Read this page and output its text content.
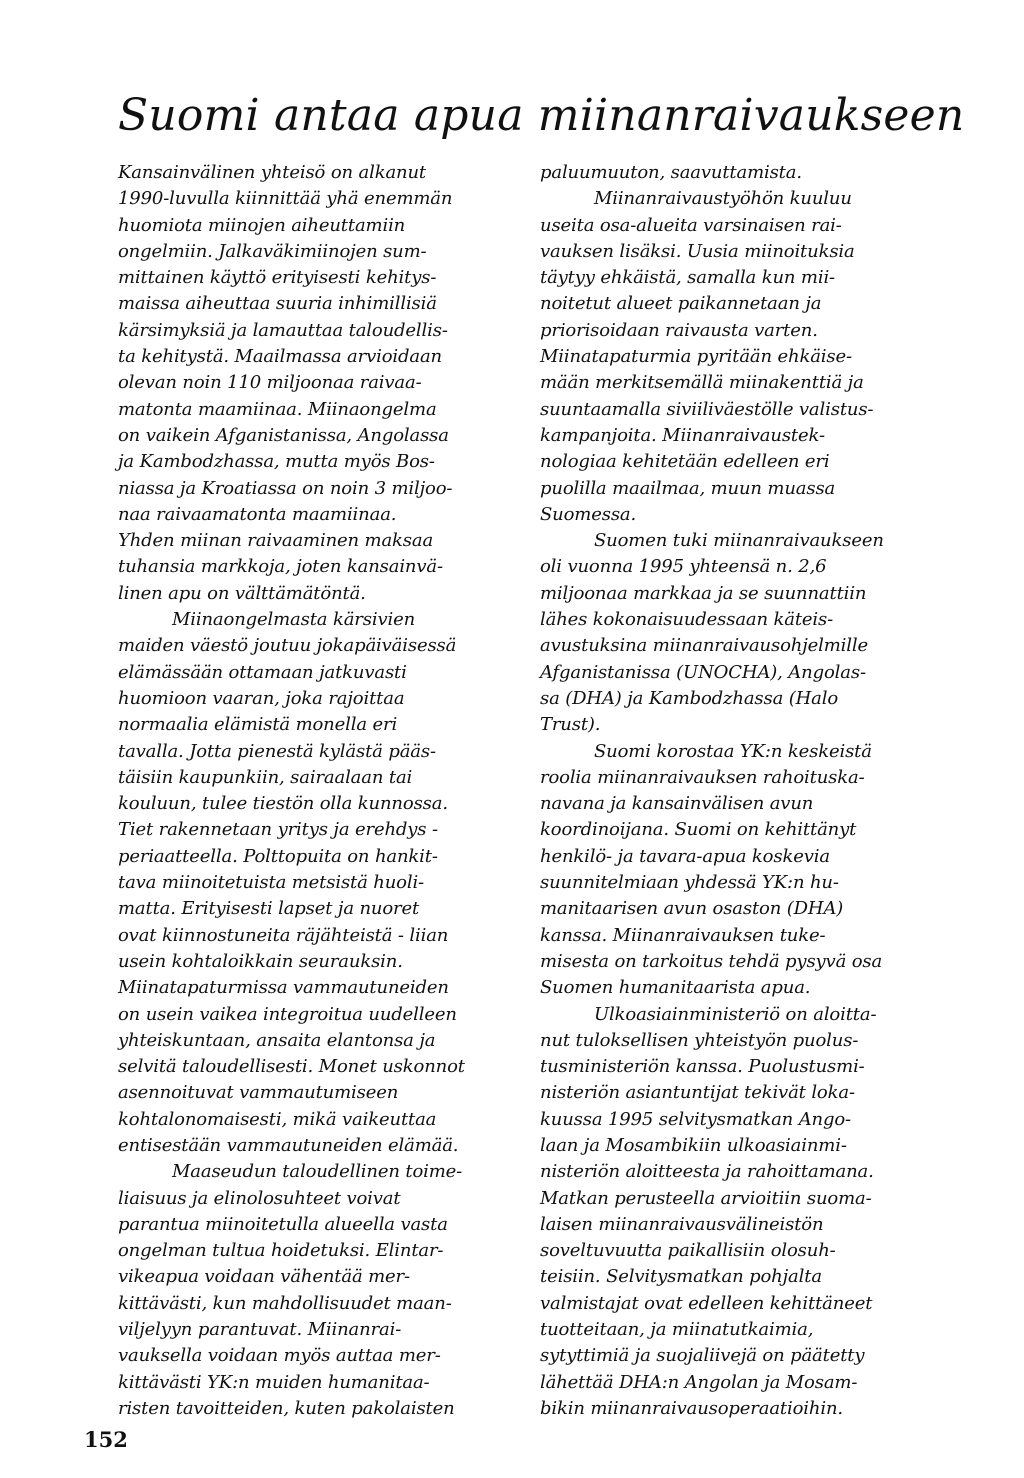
Suomi antaa apua miinanraivaukseen
Kansainvälinen yhteisö on alkanut
1990-luvulla kiinnittää yhä enemmän
huomiota miinojen aiheuttamiin
ongelmiin. Jalkaväkimiinojen sum-
mittainen käyttö erityisesti kehitys-
maissa aiheuttaa suuria inhimillisiä
kärsimyksiä ja lamauttaa taloudellis-
ta kehitystä. Maailmassa arvioidaan
olevan noin 110 miljoonaa raivaa-
matonta maamiinaa. Miinaongelma
on vaikein Afganistanissa, Angolassa
ja Kambodzhassa, mutta myös Bos-
niassa ja Kroatiassa on noin 3 miljoo-
naa raivaamatonta maamiinaa.
Yhden miinan raivaaminen maksaa
tuhansia markkoja, joten kansainvä-
linen apu on välttämätöntä.
Miinaongelmasta kärsivien
maiden väestö joutuu jokapäiväisessä
elämässään ottamaan jatkuvasti
huomioon vaaran, joka rajoittaa
normaalia elämistä monella eri
tavalla. Jotta pienestä kylästä pääs-
täisiin kaupunkiin, sairaalaan tai
kouluun, tulee tiestön olla kunnossa.
Tiet rakennetaan yritys ja erehdys -
periaatteella. Polttopuita on hankit-
tava miinoitetuista metsistä huoli-
matta. Erityisesti lapset ja nuoret
ovat kiinnostuneita räjähteistä - liian
usein kohtaloikkain seurauksin.
Miinatapaturmissa vammautuneiden
on usein vaikea integroitua uudelleen
yhteiskuntaan, ansaita elantonsa ja
selvitä taloudellisesti. Monet uskonnot
asennoituvat vammautumiseen
kohtalonomaisesti, mikä vaikeuttaa
entisestään vammautuneiden elämää.
Maaseudun taloudellinen toime-
liaisuus ja elinolosuhteet voivat
parantua miinoitetulla alueella vasta
ongelman tultua hoidetuksi. Elintar-
vikeapua voidaan vähentää mer-
kittävästi, kun mahdollisuudet maan-
viljelyyn parantuvat. Miinanrai-
vauksella voidaan myös auttaa mer-
kittävästi YK:n muiden humanitaa-
risten tavoitteiden, kuten pakolaisten
paluumuuton, saavuttamista.
Miinanraivaustyöhön kuuluu
useita osa-alueita varsinaisen rai-
vauksen lisäksi. Uusia miinoituksia
täytyy ehkäistä, samalla kun mii-
noitetut alueet paikannetaan ja
priorisoidaan raivausta varten.
Miinatapaturmia pyritään ehkäise-
mään merkitsemällä miinakenttiä ja
suuntaamalla siviiliväestölle valistus-
kampanjoita. Miinanraivaustek-
nologiaa kehitetään edelleen eri
puolilla maailmaa, muun muassa
Suomessa.
Suomen tuki miinanraivaukseen
oli vuonna 1995 yhteensä n. 2,6
miljoonaa markkaa ja se suunnattiin
lähes kokonaisuudessaan käteis-
avustuksina miinanraivausohjelmille
Afganistanissa (UNOCHA), Angolas-
sa (DHA) ja Kambodzhassa (Halo
Trust).
Suomi korostaa YK:n keskeistä
roolia miinanraivauksen rahoituska-
navana ja kansainvälisen avun
koordinoijana. Suomi on kehittänyt
henkilö- ja tavara-apua koskevia
suunnitelmiaan yhdessä YK:n hu-
manitaarisen avun osaston (DHA)
kanssa. Miinanraivauksen tuke-
misesta on tarkoitus tehdä pysyvä osa
Suomen humanitaarista apua.
Ulkoasiainministeriö on aloitta-
nut tuloksellisen yhteistyön puolus-
tusministeriön kanssa. Puolustusmi-
nisteriön asiantuntijat tekivät loka-
kuussa 1995 selvitysmatkan Ango-
laan ja Mosambikiin ulkoasiainmi-
nisteriön aloitteesta ja rahoittamana.
Matkan perusteella arvioitiin suoma-
laisen miinanraivausvälineistön
soveltuvuutta paikallisiin olosuh-
teisiin. Selvitysmatkan pohjalta
valmistajat ovat edelleen kehittäneet
tuotteitaan, ja miinatutkaimia,
sytyttimiä ja suojaliivejä on päätetty
lähettää DHA:n Angolan ja Mosam-
bikin miinanraivausoperaatioihin.
152
